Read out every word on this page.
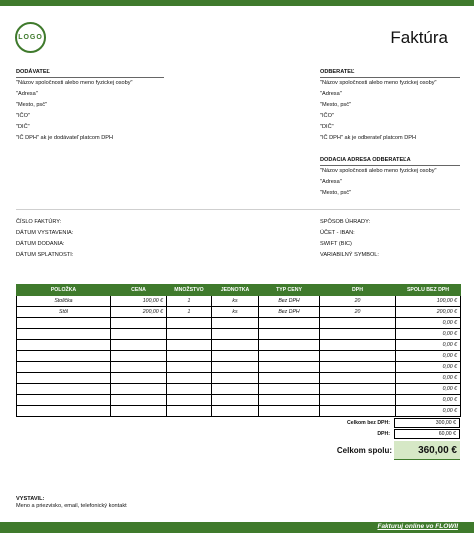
LOGO	Faktúra
DODÁVATEĽ
"Názov spoločnosti alebo meno fyzickej osoby"
"Adresa"
"Mesto, psč"
"IČO"
"DIČ"
"IČ DPH" ak je dodávateľ platcom DPH
ODBERATEĽ
"Názov spoločnosti alebo meno fyzickej osoby"
"Adresa"
"Mesto, psč"
"IČO"
"DIČ"
"IČ DPH" ak je odberateľ platcom DPH
DODACIA ADRESA ODBERATEĽA
"Názov spoločnosti alebo meno fyzickej osoby"
"Adresa"
"Mesto, psč"
ČÍSLO FAKTÚRY:
DÁTUM VYSTAVENIA:
DÁTUM DODANIA:
DÁTUM SPLATNOSTI:
SPÔSOB ÚHRADY:
ÚČET - IBAN:
SWIFT (BIC)
VARIABILNÝ SYMBOL:
POLOŽKA	CENA	MNOŽSTVO	JEDNOTKA	TYP CENY	DPH	SPOLU BEZ DPH
Stolička	100,00 €	1	ks	Bez DPH	20	100,00 €
Stôl	200,00 €	1	ks	Bez DPH	20	200,00 €
						0,00 €
						0,00 €
						0,00 €
						0,00 €
						0,00 €
						0,00 €
						0,00 €
						0,00 €
						0,00 €
Celkom bez DPH:	300,00 €
DPH:	60,00 €
Celkom spolu:	360,00 €
VYSTAVIL:
Meno a priezvisko, email, telefonický kontakt
Fakturuj online vo FLOWII
